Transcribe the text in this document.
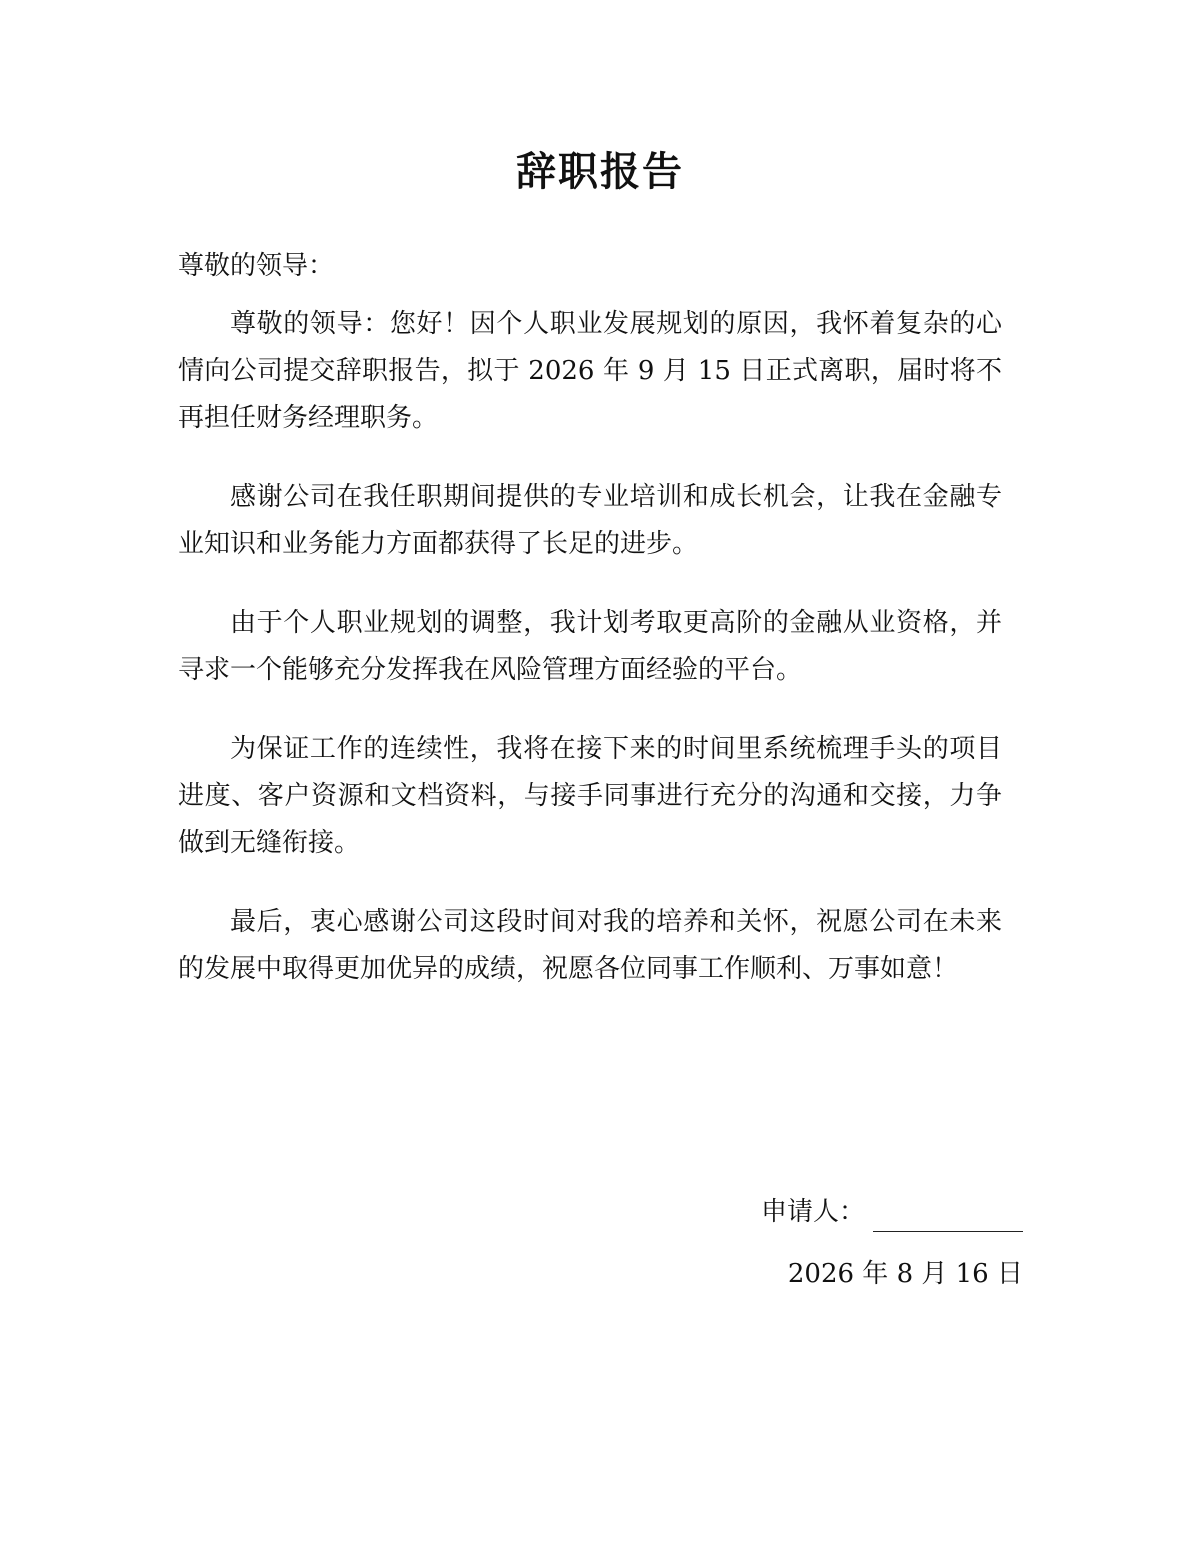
辞职报告
尊敬的领导：

尊敬的领导：您好！因个人职业发展规划的原因，我怀着复杂的心情向公司提交辞职报告，拟于 2026 年 9 月 15 日正式离职，届时将不再担任财务经理职务。

感谢公司在我任职期间提供的专业培训和成长机会，让我在金融专业知识和业务能力方面都获得了长足的进步。

由于个人职业规划的调整，我计划考取更高阶的金融从业资格，并寻求一个能够充分发挥我在风险管理方面经验的平台。

为保证工作的连续性，我将在接下来的时间里系统梳理手头的项目进度、客户资源和文档资料，与接手同事进行充分的沟通和交接，力争做到无缝衔接。

最后，衷心感谢公司这段时间对我的培养和关怀，祝愿公司在未来的发展中取得更加优异的成绩，祝愿各位同事工作顺利、万事如意！

申请人：
2026 年 8 月 16 日
